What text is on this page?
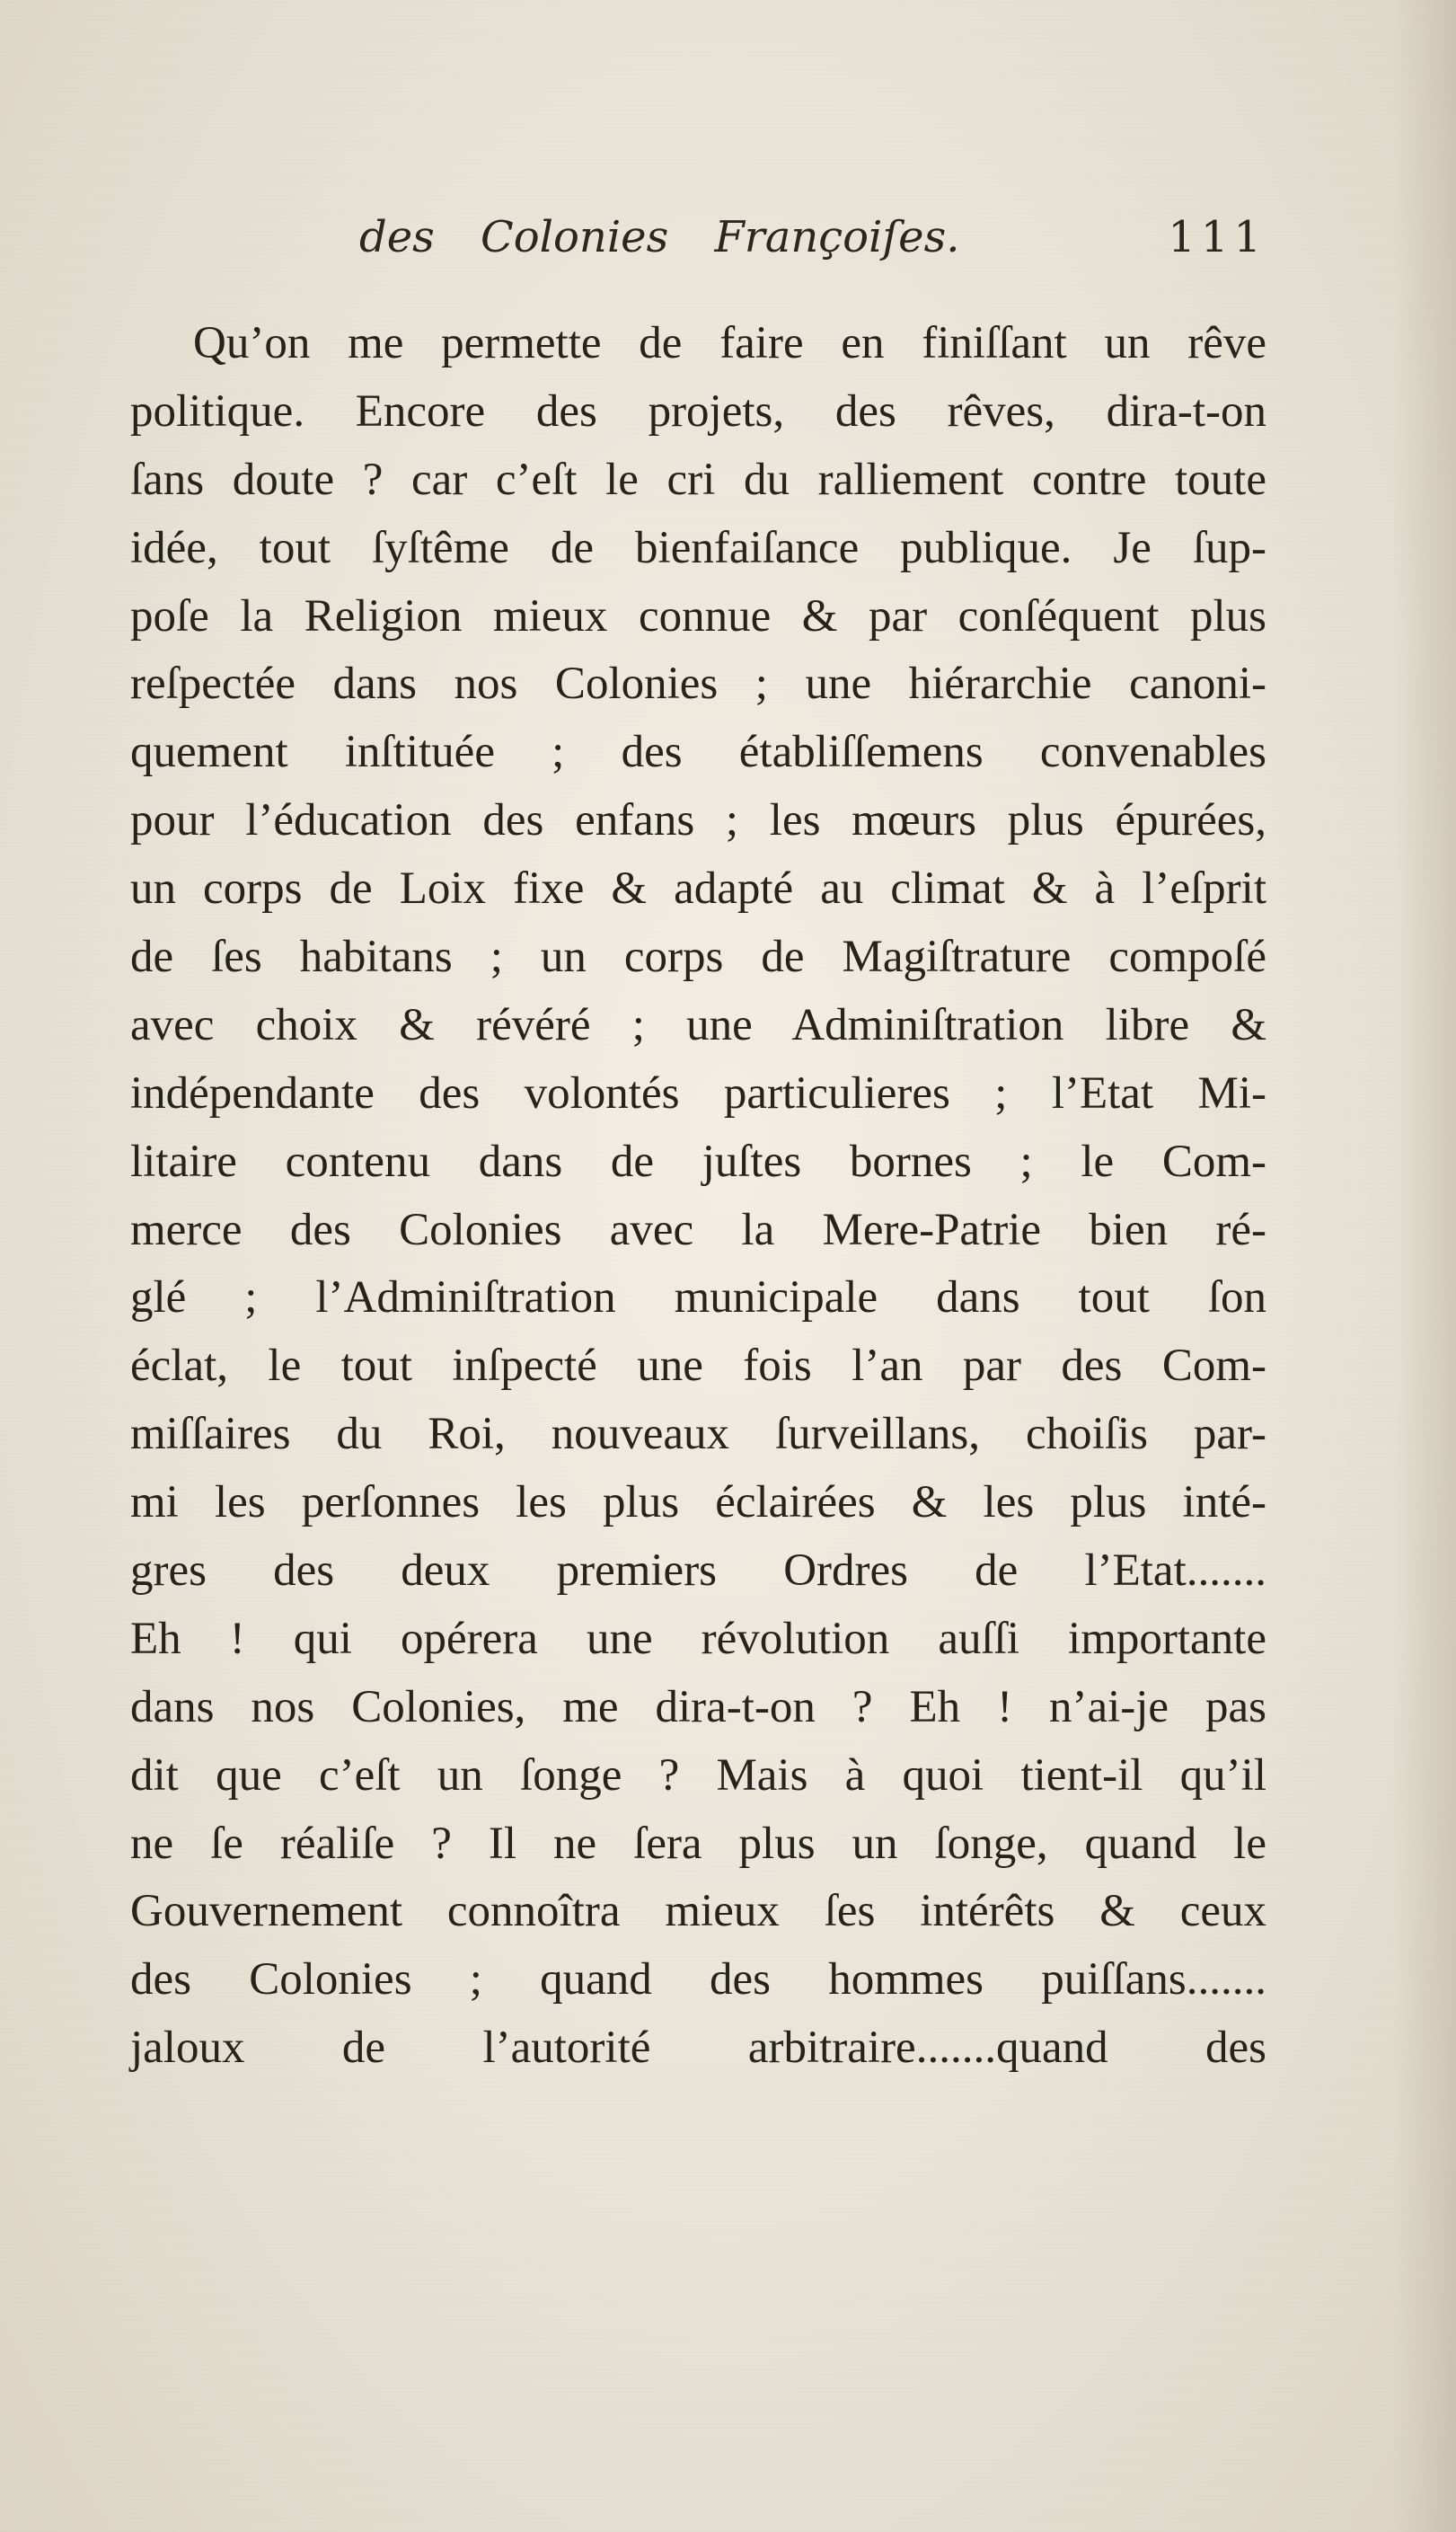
des Colonies Françoiſes.	111
Qu’on me permette de faire en finiſſant un rêve
politique. Encore des projets, des rêves, dira-t-on
ſans doute ? car c’eſt le cri du ralliement contre toute
idée, tout ſyſtême de bienfaiſance publique. Je ſup-
poſe la Religion mieux connue & par conſéquent plus
reſpectée dans nos Colonies ; une hiérarchie canoni-
quement inſtituée ; des établiſſemens convenables
pour l’éducation des enfans ; les mœurs plus épurées,
un corps de Loix fixe & adapté au climat & à l’eſprit
de ſes habitans ; un corps de Magiſtrature compoſé
avec choix & révéré ; une Adminiſtration libre &
indépendante des volontés particulieres ; l’Etat Mi-
litaire contenu dans de juſtes bornes ; le Com-
merce des Colonies avec la Mere-Patrie bien ré-
glé ; l’Adminiſtration municipale dans tout ſon
éclat, le tout inſpecté une fois l’an par des Com-
miſſaires du Roi, nouveaux ſurveillans, choiſis par-
mi les perſonnes les plus éclairées & les plus inté-
gres des deux premiers Ordres de l’Etat.......
Eh ! qui opérera une révolution auſſi importante
dans nos Colonies, me dira-t-on ? Eh ! n’ai-je pas
dit que c’eſt un ſonge ? Mais à quoi tient-il qu’il
ne ſe réaliſe ? Il ne ſera plus un ſonge, quand le
Gouvernement connoîtra mieux ſes intérêts & ceux
des Colonies ; quand des hommes puiſſans.......
jaloux de l’autorité arbitraire.......quand des
